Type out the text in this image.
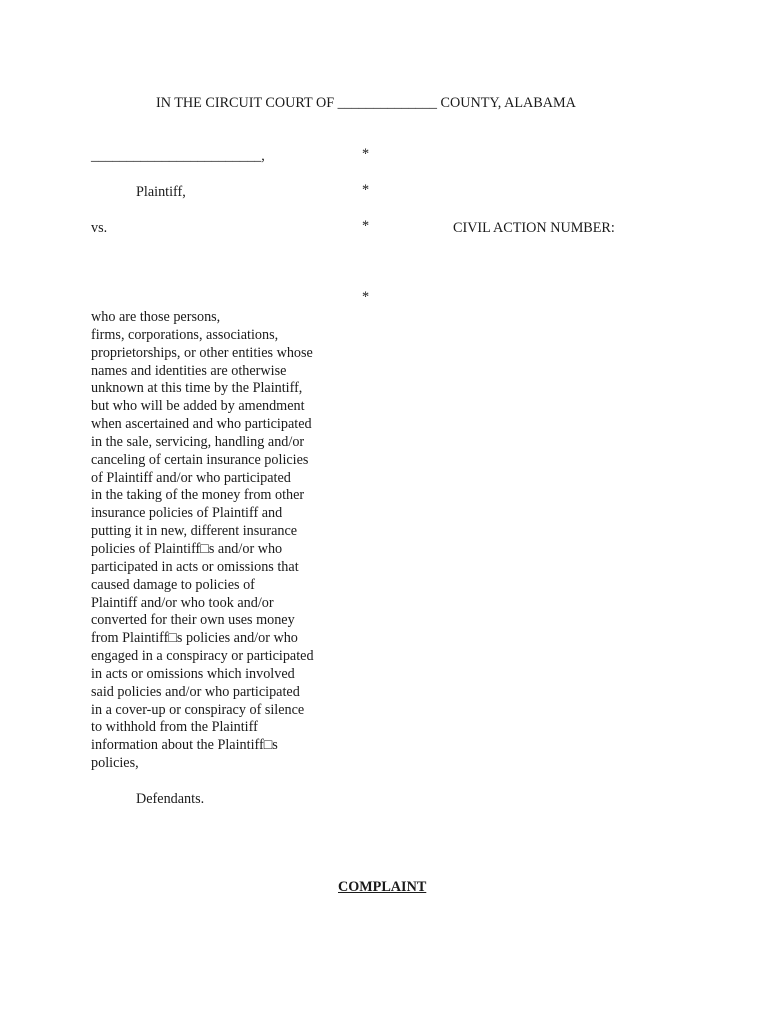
IN THE CIRCUIT COURT OF ______________ COUNTY, ALABAMA
________________________,
Plaintiff,
vs.
*
*
*
*
CIVIL ACTION NUMBER:
who are those persons,
firms, corporations, associations,
proprietorships, or other entities whose
names and identities are otherwise
unknown at this time by the Plaintiff,
but who will be added by amendment
when ascertained and who participated
in the sale, servicing, handling and/or
canceling of certain insurance policies
of Plaintiff and/or who participated
in the taking of the money from other
insurance policies of Plaintiff and
putting it in new, different insurance
policies of Plaintiff□s and/or who
participated in acts or omissions that
caused damage to policies of
Plaintiff and/or who took and/or
converted for their own uses money
from Plaintiff□s policies and/or who
engaged in a conspiracy or participated
in acts or omissions which involved
said policies and/or who participated
in a cover-up or conspiracy of silence
to withhold from the Plaintiff
information about the Plaintiff□s
policies,
Defendants.
COMPLAINT
